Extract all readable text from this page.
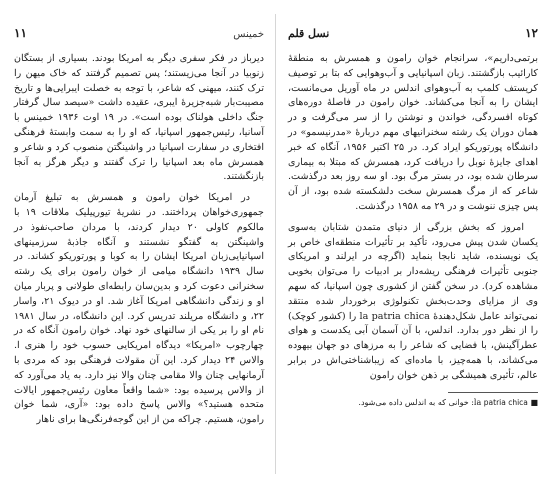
۱۱	خمینس

دیرباز در فکر سفری دیگر به امریکا بودند. بسیاری از بستگان زنوبیا در آنجا می‌زیستند؛ پس تصمیم گرفتند که خاک میهن را ترک کنند، میهنی که شاعر، با توجه به خصلت ایبرایی‌ها و تاریخ مصیبت‌بار شبه‌جزیرهٔ ایبری، عقیده داشت «سیصد سال گرفتار جنگ داخلی هولناک بوده است». در ۱۹ اوت ۱۹۳۶ خمینس با آسانیا، رئیس‌جمهور اسپانیا، که او را به سمت وابستهٔ فرهنگی افتخاری در سفارت اسپانیا در واشینگتن منصوب کرد و شاعر و همسرش ماه بعد اسپانیا را ترک گفتند و دیگر هرگز به آنجا بازنگشتند.

در امریکا خوان رامون و همسرش به تبلیغ آرمان جمهوری‌خواهان پرداختند. در نشریهٔ تیورپیلیک ملاقات ۱۹ با مالکوم کاولی ۲۰ دیدار کردند، با مردان صاحب‌نفوذ در واشینگتن به گفتگو نشستند و آنگاه جاذبهٔ سرزمینهای اسپانیایی‌زبان امریکا ایشان را به کوبا و پورتوریکو کشاند. در سال ۱۹۳۹ دانشگاه میامی از خوان رامون برای یک رشته سخنرانی دعوت کرد و بدین‌سان رابطه‌ای طولانی و پربار میان او و زندگی دانشگاهی امریکا آغاز شد. او در دیوک ۲۱، واسار ۲۲، و دانشگاه مریلند تدریس کرد. این دانشگاه، در سال ۱۹۸۱ نام او را بر یکی از سالنهای خود نهاد. خوان رامون آنگاه که در چهارچوب «امریکا» دیدگاه امریکایی حسوب خود را هنری ا. والاس ۲۴ دیدار کرد. این آن مقولات فرهنگی بود که مردی با آرمانهایی چنان والا مقامی چنان والا نیز دارد. به یاد می‌آورد که از والاس پرسیده بود: «شما واقعاً معاون رئیس‌جمهور ایالات متحده هستید؟» والاس پاسخ داده بود: «آری، شما خوان رامون، هستیم. چراکه من از این گوجه‌فرنگی‌ها برای ناهار

نسل قلم	۱۲

برتمی‌داریم»، سرانجام خوان رامون و همسرش به منطقهٔ کارائیب بازگشتند. زبان اسپانیایی و آب‌وهوایی که بتا بر توصیف کریستف کلمب به آب‌وهوای اندلس در ماه آوریل می‌مانست، ایشان را به آنجا می‌کشاند. خوان رامون در فاصلهٔ دوره‌های کوتاه افسردگی، خواندن و نوشتن را از سر می‌گرفت و در همان دوران یک رشته سخنرانیهای مهم دربارهٔ «مدرنیسمو» در دانشگاه پورتوریکو ایراد کرد. در ۲۵ اکتبر ۱۹۵۶، آنگاه که خبر اهدای جایزهٔ نوبل را دریافت کرد، همسرش که مبتلا به بیماری سرطان شده بود، در بستر مرگ بود. او سه روز بعد درگذشت. شاعر که از مرگ همسرش سخت دلشکسته شده بود، از آن پس چیزی ننوشت و در ۲۹ مه ۱۹۵۸ درگذشت.

امروز که بخش بزرگی از دنیای متمدن شتابان به‌سوی یکسان شدن پیش می‌رود، تأکید بر تأثیرات منطقه‌ای خاص بر یک نویسنده، شاید نابجا بنماید (اگرچه در ایرلند و امریکای جنوبی تأثیرات فرهنگی ریشه‌دار بر ادبیات را می‌توان بخوبی مشاهده کرد). در سخن گفتن از کشوری چون اسپانیا، که سهم وی از مزایای وحدت‌بخش تکنولوژی برخوردار شده منتقد نمی‌تواند عامل شکل‌دهندهٔ la patria chica را (کشور کوچک) را از نظر دور بدارد. اندلس، با آن آسمان آبی یکدست و هوای عطرآگینش، با فضایی که شاعر را به مرزهای دو جهان بیهوده می‌کشاند، با همه‌چیز، با ماده‌ای که زیباشناختی‌اش در برابر عالم، تأثیری همیشگی بر ذهن خوان رامون

■ patria chica la: خوانی که به اندلس داده می‌شود.
